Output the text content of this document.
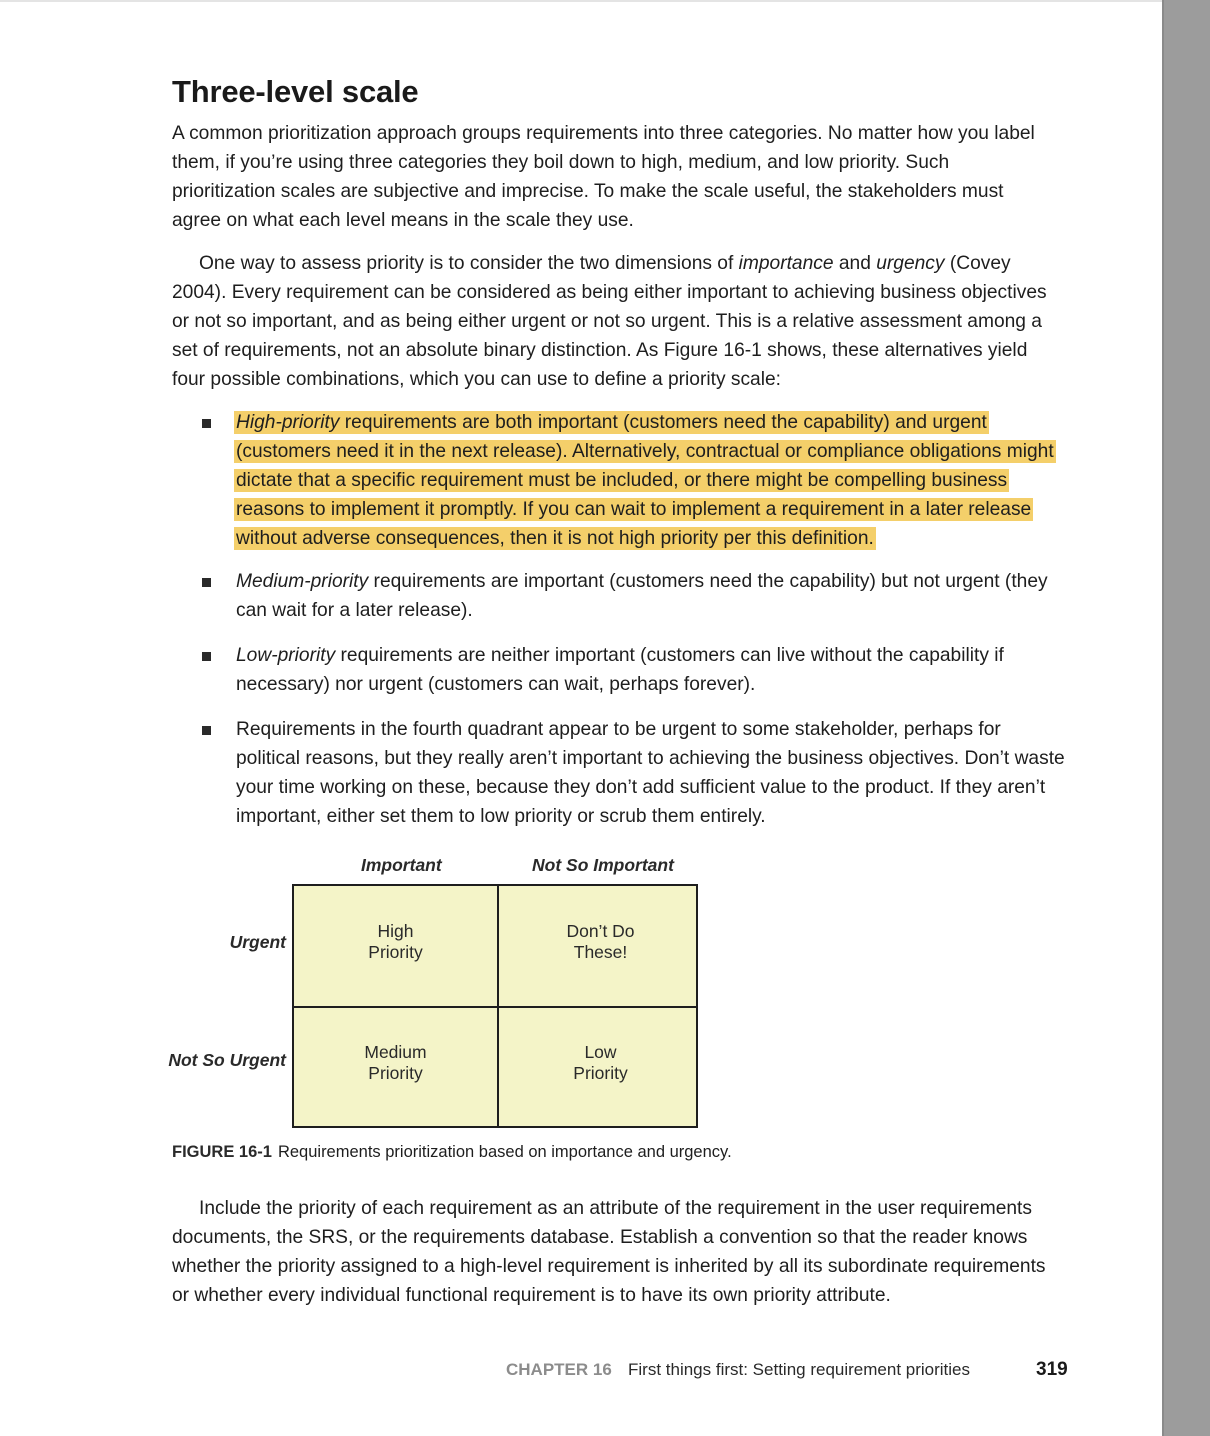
Three-level scale

A common prioritization approach groups requirements into three categories. No matter how you label them, if you’re using three categories they boil down to high, medium, and low priority. Such prioritization scales are subjective and imprecise. To make the scale useful, the stakeholders must agree on what each level means in the scale they use.

One way to assess priority is to consider the two dimensions of importance and urgency (Covey 2004). Every requirement can be considered as being either important to achieving business objectives or not so important, and as being either urgent or not so urgent. This is a relative assessment among a set of requirements, not an absolute binary distinction. As Figure 16-1 shows, these alternatives yield four possible combinations, which you can use to define a priority scale:

High-priority requirements are both important (customers need the capability) and urgent (customers need it in the next release). Alternatively, contractual or compliance obligations might dictate that a specific requirement must be included, or there might be compelling business reasons to implement it promptly. If you can wait to implement a requirement in a later release without adverse consequences, then it is not high priority per this definition.
Medium-priority requirements are important (customers need the capability) but not urgent (they can wait for a later release).
Low-priority requirements are neither important (customers can live without the capability if necessary) nor urgent (customers can wait, perhaps forever).
Requirements in the fourth quadrant appear to be urgent to some stakeholder, perhaps for political reasons, but they really aren’t important to achieving the business objectives. Don’t waste your time working on these, because they don’t add sufficient value to the product. If they aren’t important, either set them to low priority or scrub them entirely.
Important	Not So Important
Urgent
Not So Urgent
High
Priority
Don’t Do
These!
Medium
Priority
Low
Priority
FIGURE 16-1 Requirements prioritization based on importance and urgency.

Include the priority of each requirement as an attribute of the requirement in the user requirements documents, the SRS, or the requirements database. Establish a convention so that the reader knows whether the priority assigned to a high-level requirement is inherited by all its subordinate requirements or whether every individual functional requirement is to have its own priority attribute.

CHAPTER 16 First things first: Setting requirement priorities	319
